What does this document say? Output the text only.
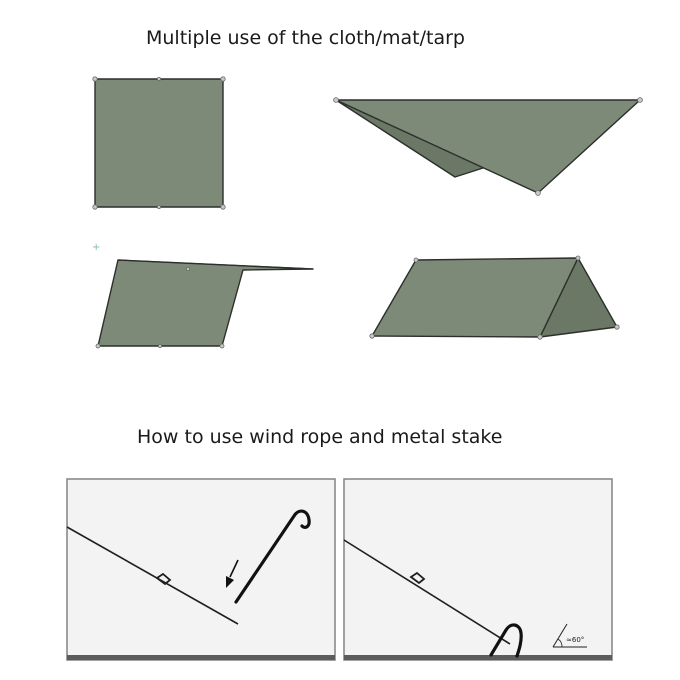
Multiple use of the cloth/mat/tarp
How to use wind rope and metal stake
+
≈60°
